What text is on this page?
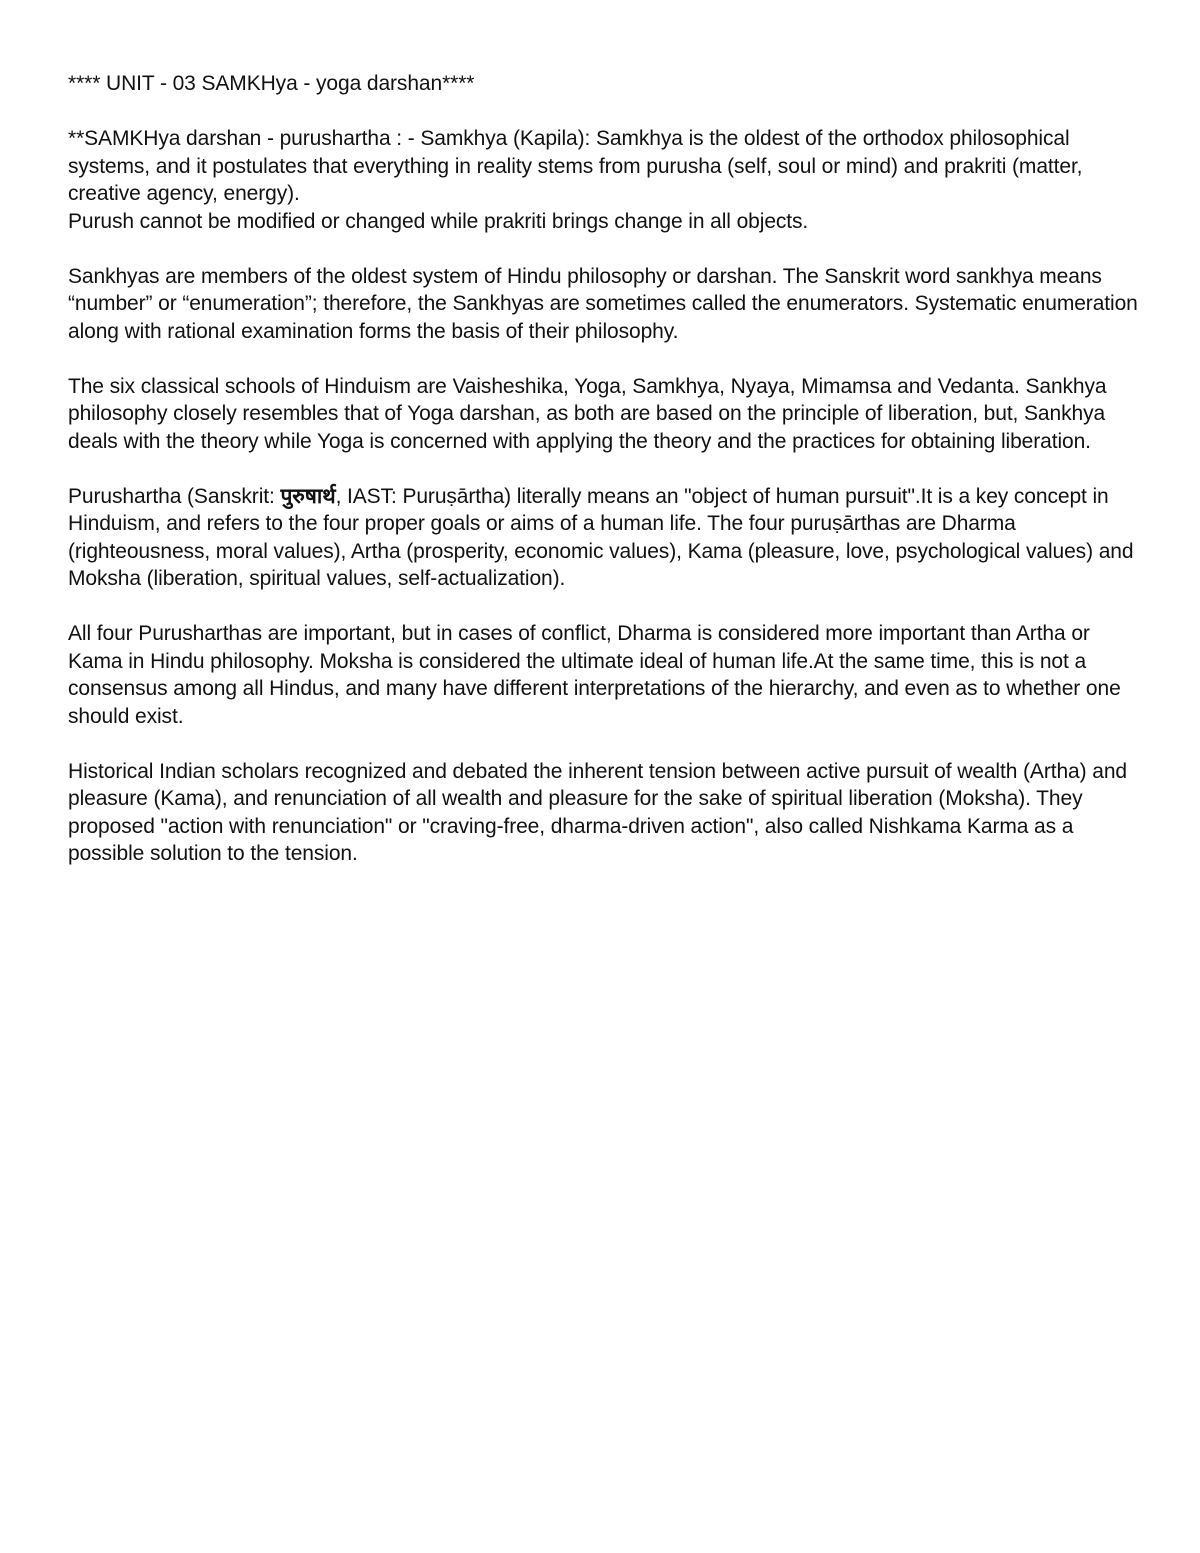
**** UNIT - 03 SAMKHya - yoga darshan****

**SAMKHya darshan - purushartha : - Samkhya (Kapila): Samkhya is the oldest of the orthodox philosophical systems, and it postulates that everything in reality stems from purusha (self, soul or mind) and prakriti (matter, creative agency, energy).

Purush cannot be modified or changed while prakriti brings change in all objects.

Sankhyas are members of the oldest system of Hindu philosophy or darshan. The Sanskrit word sankhya means “number” or “enumeration”; therefore, the Sankhyas are sometimes called the enumerators. Systematic enumeration along with rational examination forms the basis of their philosophy.

The six classical schools of Hinduism are Vaisheshika, Yoga, Samkhya, Nyaya, Mimamsa and Vedanta. Sankhya philosophy closely resembles that of Yoga darshan, as both are based on the principle of liberation, but, Sankhya deals with the theory while Yoga is concerned with applying the theory and the practices for obtaining liberation.

Purushartha (Sanskrit: पुरुषार्थ, IAST: Puruṣārtha) literally means an "object of human pursuit".It is a key concept in Hinduism, and refers to the four proper goals or aims of a human life. The four puruṣārthas are Dharma (righteousness, moral values), Artha (prosperity, economic values), Kama (pleasure, love, psychological values) and Moksha (liberation, spiritual values, self-actualization).

All four Purusharthas are important, but in cases of conflict, Dharma is considered more important than Artha or Kama in Hindu philosophy. Moksha is considered the ultimate ideal of human life.At the same time, this is not a consensus among all Hindus, and many have different interpretations of the hierarchy, and even as to whether one should exist.

Historical Indian scholars recognized and debated the inherent tension between active pursuit of wealth (Artha) and pleasure (Kama), and renunciation of all wealth and pleasure for the sake of spiritual liberation (Moksha). They proposed "action with renunciation" or "craving-free, dharma-driven action", also called Nishkama Karma as a possible solution to the tension.
